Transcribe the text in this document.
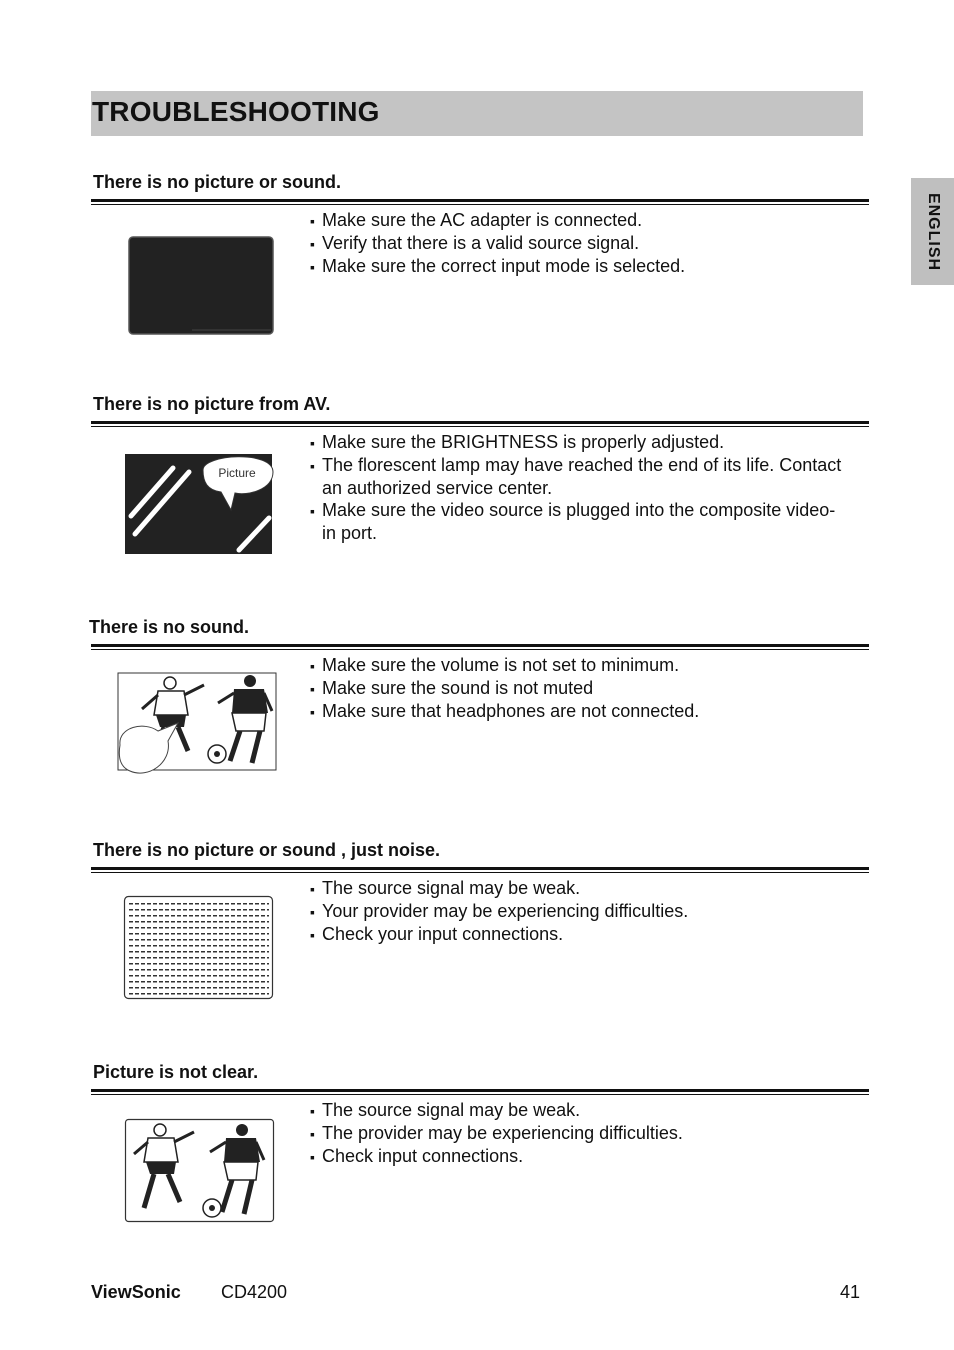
TROUBLESHOOTING
ENGLISH
There is no picture or sound.
▪ Make sure the AC adapter is connected.
▪ Verify that there is a valid source signal.
▪ Make sure the correct input mode is selected.
There is no picture from AV.
Picture
▪ Make sure the BRIGHTNESS is properly adjusted.
▪ The florescent lamp may have reached the end of its life. Contact an authorized service center.
▪ Make sure the video source is plugged into the composite video-in port.
There is no sound.
▪ Make sure the volume is not set to minimum.
▪ Make sure the sound is not muted
▪ Make sure that headphones are not connected.
There is no picture or sound , just noise.
▪ The source signal may be weak.
▪ Your provider may be experiencing difficulties.
▪ Check your input connections.
Picture is not clear.
▪ The source signal may be weak.
▪ The provider may be experiencing difficulties.
▪ Check input connections.
ViewSonic CD4200	41
